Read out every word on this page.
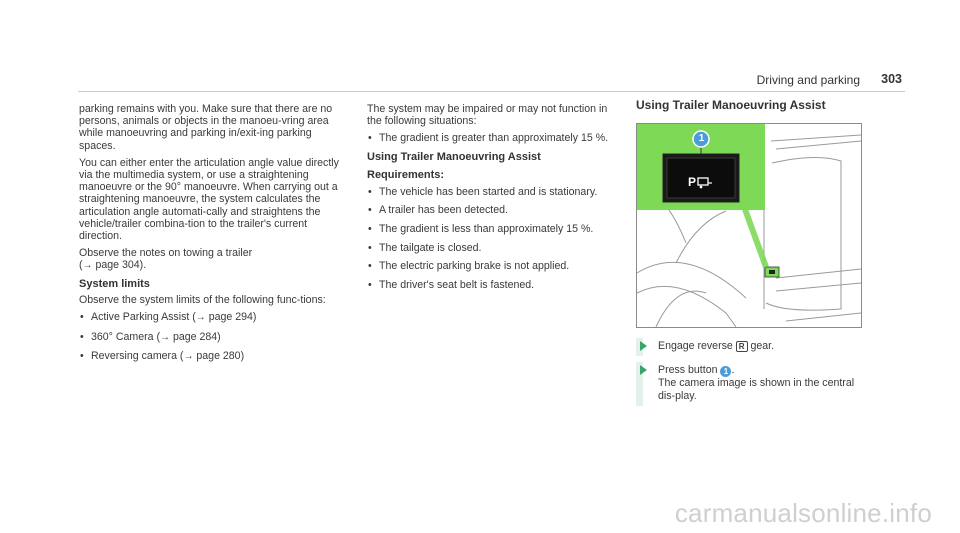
Driving and parking 303

parking remains with you. Make sure that there are no persons, animals or objects in the manoeu-vring area while manoeuvring and parking in/exit-ing parking spaces.

You can either enter the articulation angle value directly via the multimedia system, or use a straightening manoeuvre or the 90° manoeuvre. When carrying out a straightening manoeuvre, the system calculates the articulation angle automati-cally and straightens the vehicle/trailer combina-tion to the trailer's current direction.

Observe the notes on towing a trailer
(→ page 304).

System limits

Observe the system limits of the following func-tions:

• Active Parking Assist (→ page 294)
• 360° Camera (→ page 284)
• Reversing camera (→ page 280)

The system may be impaired or may not function in the following situations:

• The gradient is greater than approximately 15 %.
Using Trailer Manoeuvring Assist
Requirements:
• The vehicle has been started and is stationary.
• A trailer has been detected.
• The gradient is less than approximately 15 %.
• The tailgate is closed.
• The electric parking brake is not applied.
• The driver's seat belt is fastened.
Using Trailer Manoeuvring Assist
P
1
Engage reverse R gear.
Press button 1 .
The camera image is shown in the central dis-play.
carmanualsonline.info
